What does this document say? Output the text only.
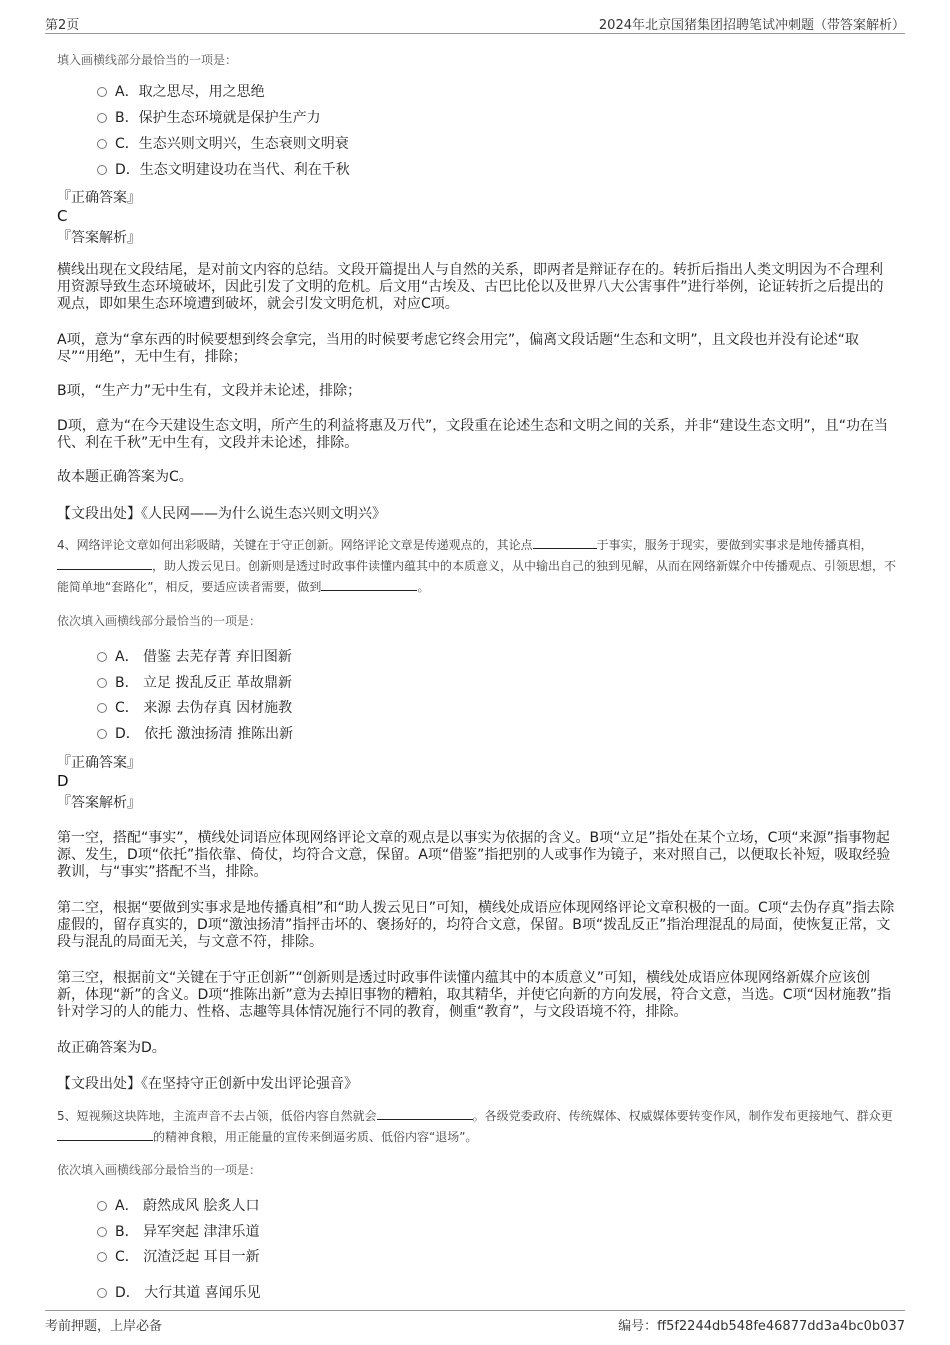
第2页	2024年北京国猪集团招聘笔试冲刺题（带答案解析）
填入画横线部分最恰当的一项是：
A．取之思尽，用之思绝
B．保护生态环境就是保护生产力
C．生态兴则文明兴，生态衰则文明衰
D．生态文明建设功在当代、利在千秋
『正确答案』
C
『答案解析』
横线出现在文段结尾，是对前文内容的总结。文段开篇提出人与自然的关系，即两者是辩证存在的。转折后指出人类文明因为不合理利用资源导致生态环境破坏，因此引发了文明的危机。后文用“古埃及、古巴比伦以及世界八大公害事件”进行举例，论证转折之后提出的观点，即如果生态环境遭到破坏，就会引发文明危机，对应C项。
A项，意为“拿东西的时候要想到终会拿完，当用的时候要考虑它终会用完”，偏离文段话题“生态和文明”，且文段也并没有论述“取尽”“用绝”，无中生有，排除；
B项，“生产力”无中生有，文段并未论述，排除；
D项，意为“在今天建设生态文明，所产生的利益将惠及万代”，文段重在论述生态和文明之间的关系，并非“建设生态文明”，且“功在当代、利在千秋”无中生有，文段并未论述，排除。
故本题正确答案为C。
【文段出处】《人民网——为什么说生态兴则文明兴》
4、网络评论文章如何出彩吸睛，关键在于守正创新。网络评论文章是传递观点的，其论点	于事实，服务于现实，要做到实事求是地传播真相，，助人拨云见日。创新则是透过时政事件读懂内蕴其中的本质意义，从中输出自己的独到见解，从而在网络新媒介中传播观点、引领思想，不能简单地“套路化”，相反，要适应读者需要，做到	。
依次填入画横线部分最恰当的一项是：
A． 借鉴 去芜存菁 弃旧图新
B． 立足 拨乱反正 革故鼎新
C． 来源 去伪存真 因材施教
D． 依托 激浊扬清 推陈出新
『正确答案』
D
『答案解析』
第一空，搭配“事实”，横线处词语应体现网络评论文章的观点是以事实为依据的含义。B项“立足”指处在某个立场，C项“来源”指事物起源、发生，D项“依托”指依靠、倚仗，均符合文意，保留。A项“借鉴”指把别的人或事作为镜子，来对照自己，以便取长补短，吸取经验教训，与“事实”搭配不当，排除。
第二空，根据“要做到实事求是地传播真相”和“助人拨云见日”可知，横线处成语应体现网络评论文章积极的一面。C项“去伪存真”指去除虚假的，留存真实的，D项“激浊扬清”指抨击坏的、褒扬好的，均符合文意，保留。B项“拨乱反正”指治理混乱的局面，使恢复正常，文段与混乱的局面无关，与文意不符，排除。
第三空，根据前文“关键在于守正创新”“创新则是透过时政事件读懂内蕴其中的本质意义”可知，横线处成语应体现网络新媒介应该创新，体现“新”的含义。D项“推陈出新”意为去掉旧事物的糟粕，取其精华，并使它向新的方向发展，符合文意，当选。C项“因材施教”指针对学习的人的能力、性格、志趣等具体情况施行不同的教育，侧重“教育”，与文段语境不符，排除。
故正确答案为D。
【文段出处】《在坚持守正创新中发出评论强音》
5、短视频这块阵地，主流声音不去占领，低俗内容自然就会	。各级党委政府、传统媒体、权威媒体要转变作风，制作发布更接地气、群众更的精神食粮，用正能量的宣传来倒逼劣质、低俗内容“退场”。
依次填入画横线部分最恰当的一项是：
A． 蔚然成风 脍炙人口
B． 异军突起 津津乐道
C． 沉渣泛起 耳目一新
D． 大行其道 喜闻乐见
考前押题，上岸必备	编号：ff5f2244db548fe46877dd3a4bc0b037
